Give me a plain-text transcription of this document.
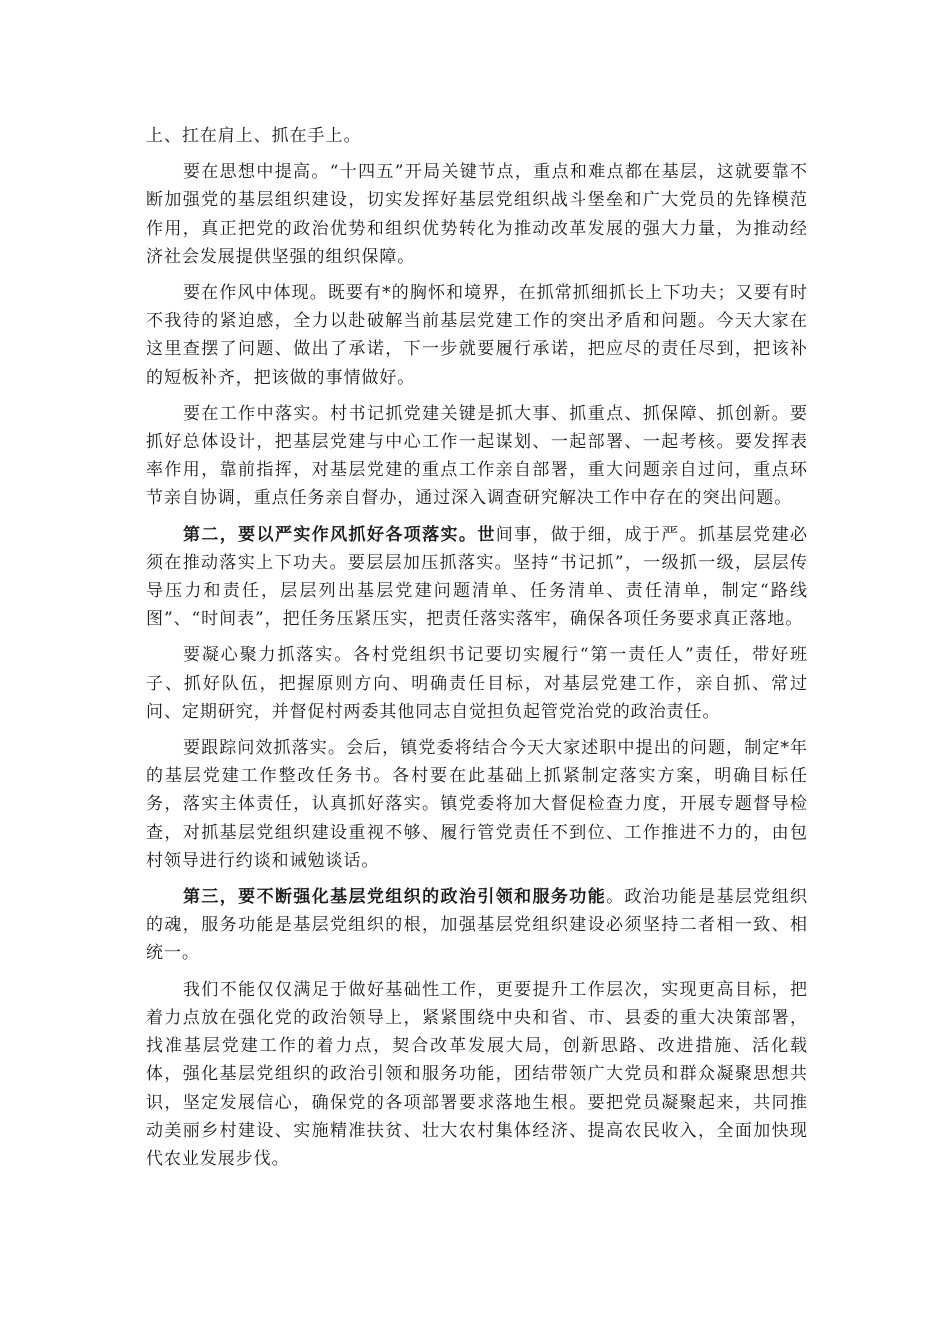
上、扛在肩上、抓在手上。

要在思想中提高。“十四五”开局关键节点，重点和难点都在基层，这就要靠不断加强党的基层组织建设，切实发挥好基层党组织战斗堡垒和广大党员的先锋模范作用，真正把党的政治优势和组织优势转化为推动改革发展的强大力量，为推动经济社会发展提供坚强的组织保障。

要在作风中体现。既要有*的胸怀和境界，在抓常抓细抓长上下功夫；又要有时不我待的紧迫感，全力以赴破解当前基层党建工作的突出矛盾和问题。今天大家在这里查摆了问题、做出了承诺，下一步就要履行承诺，把应尽的责任尽到，把该补的短板补齐，把该做的事情做好。

要在工作中落实。村书记抓党建关键是抓大事、抓重点、抓保障、抓创新。要抓好总体设计，把基层党建与中心工作一起谋划、一起部署、一起考核。要发挥表率作用，靠前指挥，对基层党建的重点工作亲自部署，重大问题亲自过问，重点环节亲自协调，重点任务亲自督办，通过深入调查研究解决工作中存在的突出问题。

第二，要以严实作风抓好各项落实。世间事，做于细，成于严。抓基层党建必须在推动落实上下功夫。要层层加压抓落实。坚持“书记抓”，一级抓一级，层层传导压力和责任，层层列出基层党建问题清单、任务清单、责任清单，制定“路线图”、“时间表”，把任务压紧压实，把责任落实落牢，确保各项任务要求真正落地。

要凝心聚力抓落实。各村党组织书记要切实履行“第一责任人”责任，带好班子、抓好队伍，把握原则方向、明确责任目标，对基层党建工作，亲自抓、常过问、定期研究，并督促村两委其他同志自觉担负起管党治党的政治责任。

要跟踪问效抓落实。会后，镇党委将结合今天大家述职中提出的问题，制定*年的基层党建工作整改任务书。各村要在此基础上抓紧制定落实方案，明确目标任务，落实主体责任，认真抓好落实。镇党委将加大督促检查力度，开展专题督导检查，对抓基层党组织建设重视不够、履行管党责任不到位、工作推进不力的，由包村领导进行约谈和诫勉谈话。

第三，要不断强化基层党组织的政治引领和服务功能。政治功能是基层党组织的魂，服务功能是基层党组织的根，加强基层党组织建设必须坚持二者相一致、相统一。

我们不能仅仅满足于做好基础性工作，更要提升工作层次，实现更高目标，把着力点放在强化党的政治领导上，紧紧围绕中央和省、市、县委的重大决策部署，找准基层党建工作的着力点，契合改革发展大局，创新思路、改进措施、活化载体，强化基层党组织的政治引领和服务功能，团结带领广大党员和群众凝聚思想共识，坚定发展信心，确保党的各项部署要求落地生根。要把党员凝聚起来，共同推动美丽乡村建设、实施精准扶贫、壮大农村集体经济、提高农民收入，全面加快现代农业发展步伐。
